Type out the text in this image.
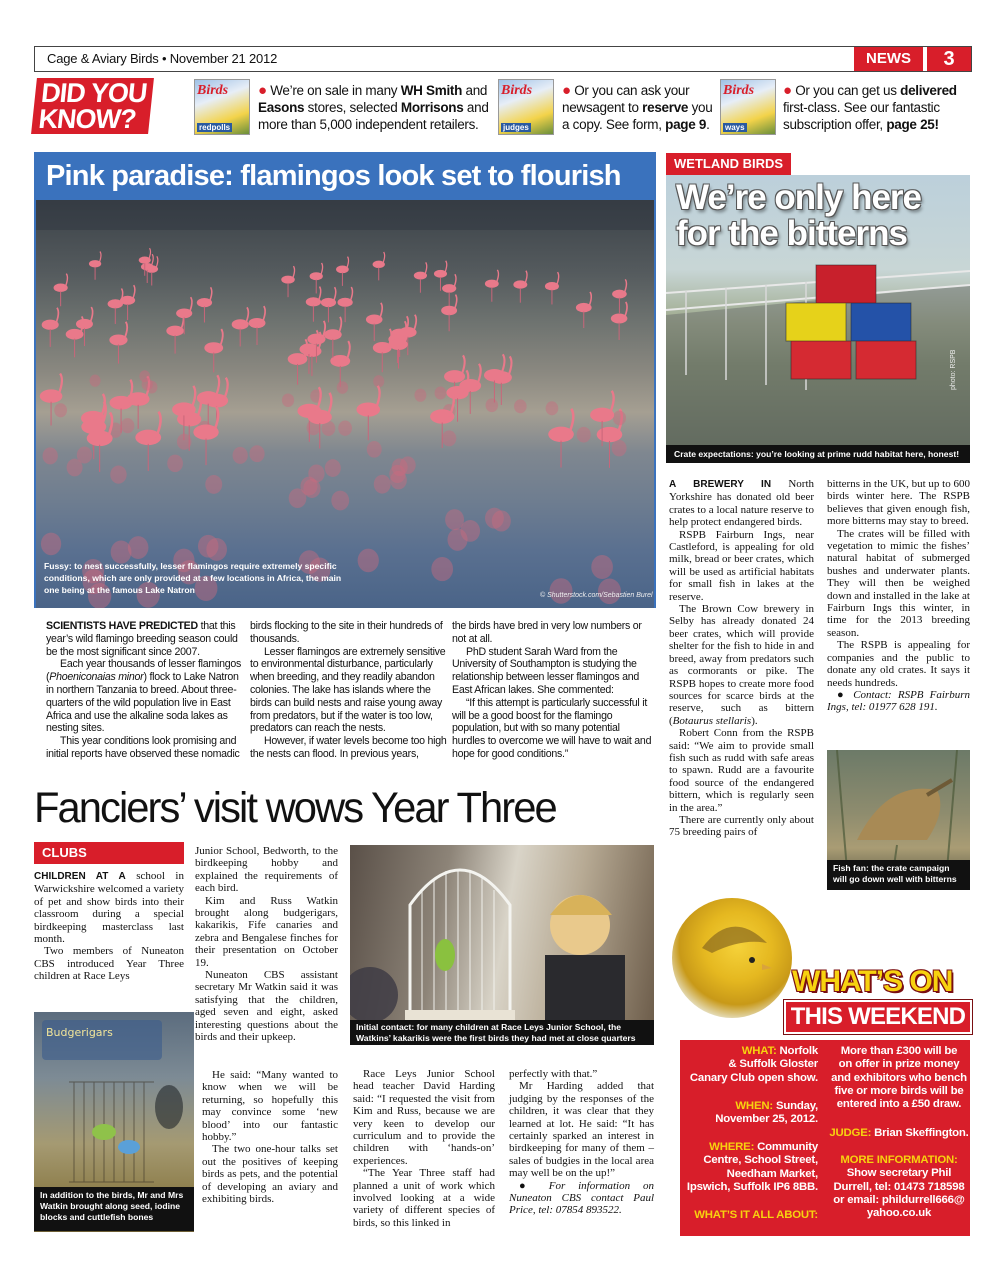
Cage & Aviary Birds • November 21 2012	NEWS	3
DID YOU
KNOW?
Birds
redpolls
● We’re on sale in many WH Smith and
Easons stores, selected Morrisons and
more than 5,000 independent retailers.
Birds
judges
● Or you can ask your
newsagent to reserve you
a copy. See form, page 9.
Birds
ways
● Or you can get us delivered
first-class. See our fantastic
subscription offer, page 25!
Pink paradise: flamingos look set to flourish
Fussy: to nest successfully, lesser flamingos require extremely specific conditions, which are only provided at a few locations in Africa, the main one being at the famous Lake Natron
© Shutterstock.com/Sebastien Burel

SCIENTISTS HAVE PREDICTED that this year’s wild flamingo breeding season could be the most significant since 2007.

Each year thousands of lesser flamingos (Phoeniconaias minor) flock to Lake Natron in northern Tanzania to breed. About three-quarters of the wild population live in East Africa and use the alkaline soda lakes as nesting sites.

This year conditions look promising and initial reports have observed these nomadic

birds flocking to the site in their hundreds of thousands.

Lesser flamingos are extremely sensitive to environmental disturbance, particularly when breeding, and they readily abandon colonies. The lake has islands where the birds can build nests and raise young away from predators, but if the water is too low, predators can reach the nests.

However, if water levels become too high the nests can flood. In previous years,

the birds have bred in very low numbers or not at all.

PhD student Sarah Ward from the University of Southampton is studying the relationship between lesser flamingos and East African lakes. She commented:

“If this attempt is particularly successful it will be a good boost for the flamingo population, but with so many potential hurdles to overcome we will have to wait and hope for good conditions.”

Fanciers’ visit wows Year Three
CLUBS

CHILDREN AT A school in Warwickshire welcomed a variety of pet and show birds into their classroom during a special birdkeeping masterclass last month.

Two members of Nuneaton CBS introduced Year Three children at Race Leys

Budgerigars
In addition to the birds, Mr and Mrs Watkin brought along seed, iodine blocks and cuttlefish bones

Junior School, Bedworth, to the birdkeeping hobby and explained the requirements of each bird.

Kim and Russ Watkin brought along budgerigars, kakarikis, Fife canaries and zebra and Bengalese finches for their presentation on October 19.

Nuneaton CBS assistant secretary Mr Watkin said it was satisfying that the children, aged seven and eight, asked interesting questions about the birds and their upkeep.

He said: “Many wanted to know when we will be returning, so hopefully this may convince some ‘new blood’ into our fantastic hobby.”

The two one-hour talks set out the positives of keeping birds as pets, and the potential of developing an aviary and exhibiting birds.

Initial contact: for many children at Race Leys Junior School, the Watkins’ kakarikis were the first birds they had met at close quarters

Race Leys Junior School head teacher David Harding said: “I requested the visit from Kim and Russ, because we are very keen to develop our curriculum and to provide the children with ‘hands-on’ experiences.

“The Year Three staff had planned a unit of work which involved looking at a wide variety of different species of birds, so this linked in

perfectly with that.”

Mr Harding added that judging by the responses of the children, it was clear that they learned at lot. He said: “It has certainly sparked an interest in birdkeeping for many of them – sales of budgies in the local area may well be on the up!”

● For information on Nuneaton CBS contact Paul Price, tel: 07854 893522.

WETLAND BIRDS
We’re only here
for the bitterns
photo: RSPB
Crate expectations: you’re looking at prime rudd habitat here, honest!

A BREWERY IN North Yorkshire has donated old beer crates to a local nature reserve to help protect endangered birds.

RSPB Fairburn Ings, near Castleford, is appealing for old milk, bread or beer crates, which will be used as artificial habitats for small fish in lakes at the reserve.

The Brown Cow brewery in Selby has already donated 24 beer crates, which will provide shelter for the fish to hide in and breed, away from predators such as cormorants or pike. The RSPB hopes to create more food sources for scarce birds at the reserve, such as bittern (Botaurus stellaris).

Robert Conn from the RSPB said: “We aim to provide small fish such as rudd with safe areas to spawn. Rudd are a favourite food source of the endangered bittern, which is regularly seen in the area.”

There are currently only about 75 breeding pairs of

bitterns in the UK, but up to 600 birds winter here. The RSPB believes that given enough fish, more bitterns may stay to breed.

The crates will be filled with vegetation to mimic the fishes’ natural habitat of submerged bushes and underwater plants. They will then be weighed down and installed in the lake at Fairburn Ings this winter, in time for the 2013 breeding season.

The RSPB is appealing for companies and the public to donate any old crates. It says it needs hundreds.

● Contact: RSPB Fairburn Ings, tel: 01977 628 191.

Fish fan: the crate campaign will go down well with bitterns
WHAT’S ON
THIS WEEKEND
WHAT: Norfolk
& Suffolk Gloster
Canary Club open show.
WHEN: Sunday,
November 25, 2012.
WHERE: Community
Centre, School Street,
Needham Market,
Ipswich, Suffolk IP6 8BB.
WHAT’S IT ALL ABOUT:
More than £300 will be
on offer in prize money
and exhibitors who bench
five or more birds will be
entered into a £50 draw.
JUDGE: Brian Skeffington.
MORE INFORMATION:
Show secretary Phil
Durrell, tel: 01473 718598
or email: phildurrell666@
yahoo.co.uk
